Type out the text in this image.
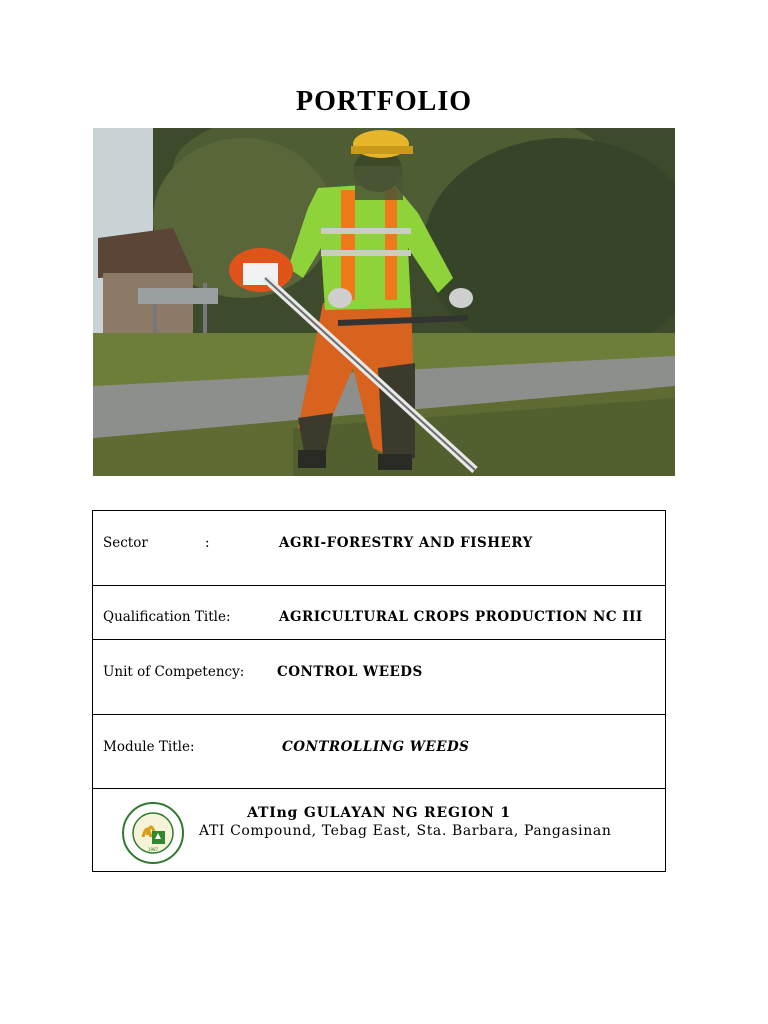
PORTFOLIO
Sector	:	AGRI-FORESTRY AND FISHERY
Qualification Title:	AGRICULTURAL CROPS PRODUCTION NC III
Unit of Competency: CONTROL WEEDS
Module Title:	CONTROLLING WEEDS
1987
ATIng GULAYAN NG REGION 1
ATI Compound, Tebag East, Sta. Barbara, Pangasinan
